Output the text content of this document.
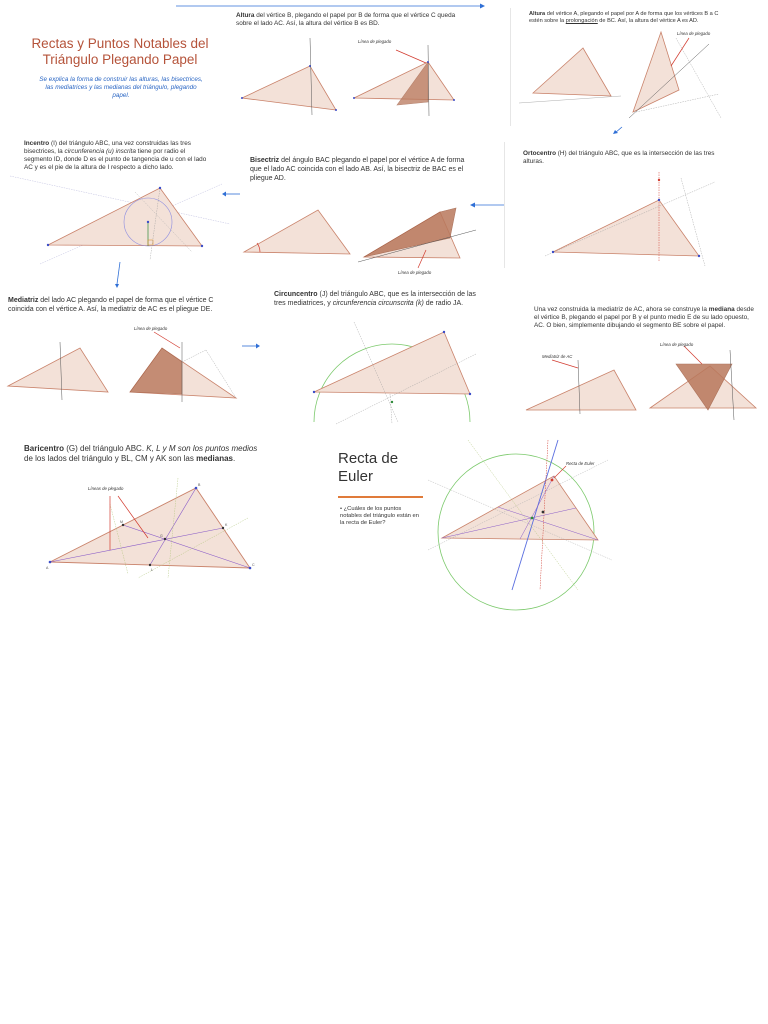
Rectas y Puntos Notables del Triángulo Plegando Papel
Se explica la forma de construir las alturas, las bisectrices, las mediatrices y las medianas del triángulo, plegando papel.
Altura del vértice B, plegando el papel por B de forma que el vértice C queda sobre el lado AC. Así, la altura del vértice B es BD.
Línea de plegado
Altura del vértice A, plegando el papel por A de forma que los vértices B a C estén sobre la prolongación de BC. Así, la altura del vértice A es AD.
Línea de plegado
Incentro (I) del triángulo ABC, una vez construidas las tres bisectrices, la circunferencia (u) inscrita tiene por radio el segmento ID, donde D es el punto de tangencia de u con el lado AC y es el pie de la altura de I respecto a dicho lado.
Bisectriz del ángulo BAC plegando el papel por el vértice A de forma que el lado AC coincida con el lado AB. Así, la bisectriz de BAC es el pliegue AD.
Línea de plegado
Ortocentro (H) del triángulo ABC, que es la intersección de las tres alturas.
Mediatriz del lado AC plegando el papel de forma que el vértice C coincida con el vértice A. Así, la mediatriz de AC es el pliegue DE.
Línea de plegado
Circuncentro (J) del triángulo ABC, que es la intersección de las tres mediatrices, y circunferencia circunscrita (k) de radio JA.
Una vez construida la mediatriz de AC, ahora se construye la mediana desde el vértice B, plegando el papel por B y el punto medio E de su lado opuesto, AC. O bien, simplemente dibujando el segmento BE sobre el papel.
Mediatriz de AC
Línea de plegado
Baricentro (G) del triángulo ABC. K, L y M son los puntos medios de los lados del triángulo y BL, CM y AK son las medianas.
Líneas de plegado
A
B
C
K
L
M
G
Recta de Euler
• ¿Cuáles de los puntos notables del triángulo están en la recta de Euler?
Recta de Euler
